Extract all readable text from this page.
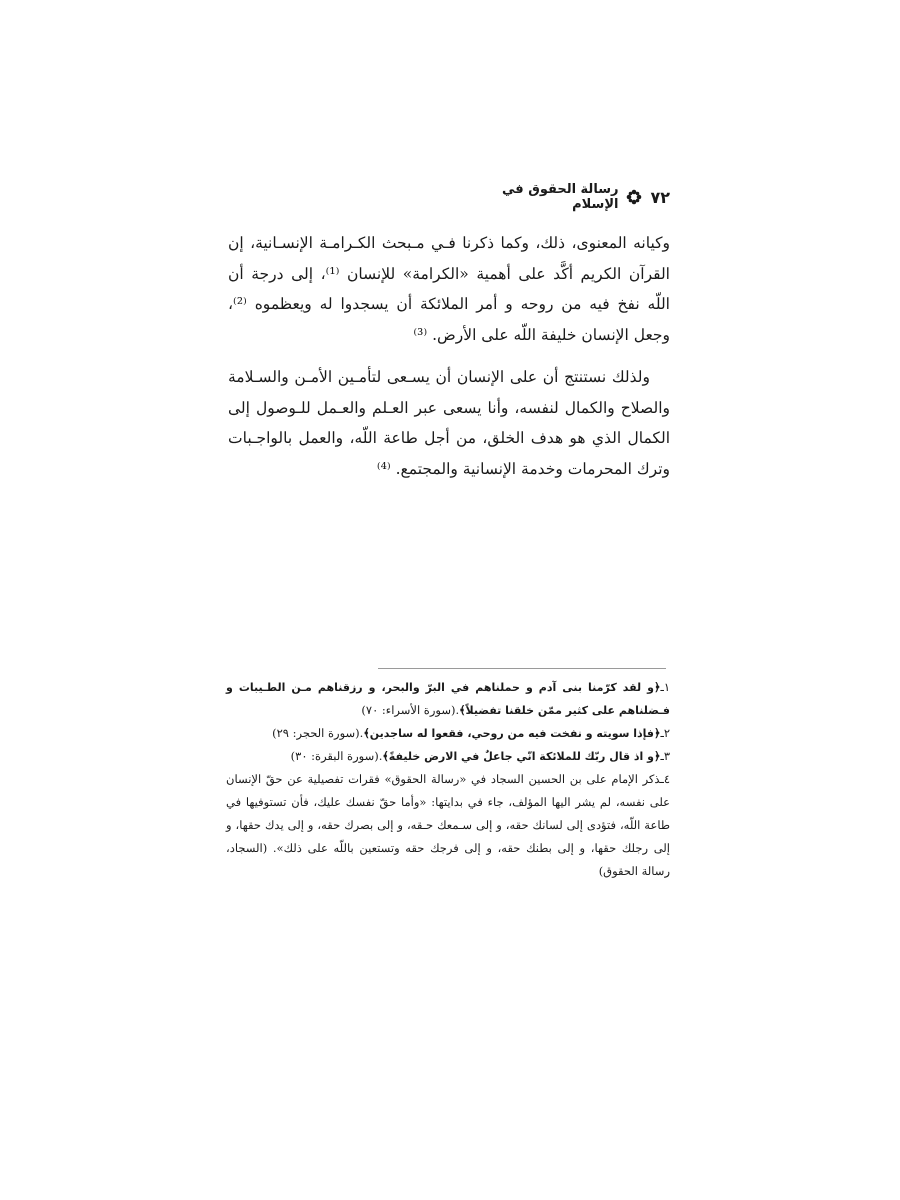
٧٢
رسالة الحقوق في الإسلام

وكيانه المعنوى، ذلك، وكما ذكرنا فـي مـبحث الكـرامـة الإنسـانية، إن القرآن الكريم أكَّد على أهمية «الكرامة» للإنسان ⁽¹⁾، إلى درجة أن اللّه نفخ فيه من روحه و أمر الملائكة أن يسجدوا له ويعظموه ⁽²⁾، وجعل الإنسان خليفة اللّه على الأرض. ⁽³⁾

ولذلك نستنتج أن على الإنسان أن يسـعى لتأمـين الأمـن والسـلامة والصلاح والكمال لنفسه، وأنا يسعى عبر العـلم والعـمل للـوصول إلى الكمال الذي هو هدف الخلق، من أجل طاعة اللّه، والعمل بالواجـبات وترك المحرمات وخدمة الإنسانية والمجتمع. ⁽⁴⁾

١ـ﴿و لقد كرّمنا بنى آدم و حملناهم في البرّ والبحر، و رزقناهم مـن الطـيبات و فـضلناهم على كثير ممّن خلقنا تفضيلاً﴾.(سورة الأسراء: ٧٠)

٢ـ﴿فإذا سويته و نفخت فيه من روحي، فقعوا له ساجدين﴾.(سورة الحجر: ٢٩)

٣ـ﴿و اذ قال ربّك للملائكة انّي جاعلٌ في الارض خليفةً﴾.(سورة البقرة: ٣٠)

٤ـذكر الإمام على بن الحسين السجاد في «رسالة الحقوق» فقرات تفصيلية عن حقّ الإنسان على نفسه، لم يشر اليها المؤلف، جاء في بدايتها: «وأما حقّ نفسك عليك، فأن تستوفيها في طاعة اللّه، فتؤدى إلى لسانك حقه، و إلى سـمعك حـقه، و إلى بصرك حقه، و إلى يدك حقها، و إلى رجلك حقها، و إلى بطنك حقه، و إلى فرجك حقه وتستعين باللّه على ذلك». (السجاد، رسالة الحقوق)
